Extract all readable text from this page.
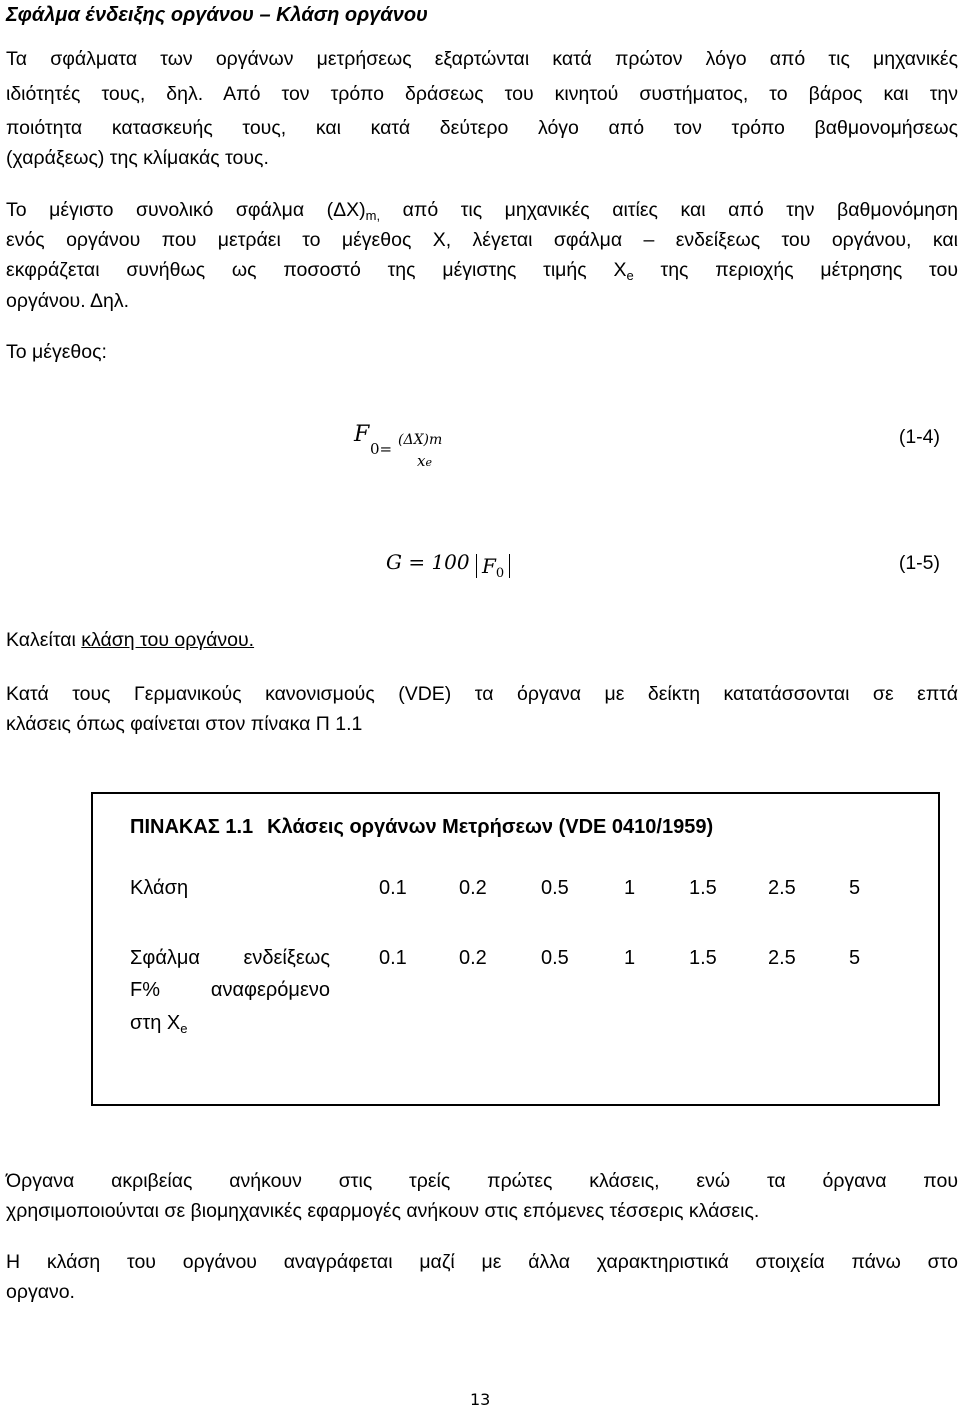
Σφάλμα ένδειξης οργάνου – Κλάση οργάνου
Τα σφάλματα των οργάνων μετρήσεως εξαρτώνται κατά πρώτον λόγο από τις μηχανικές
ιδιότητές τους, δηλ. Από τον τρόπο δράσεως του κινητού συστήματος, το βάρος και την
ποιότητα κατασκευής τους, και κατά δεύτερο λόγο από τον τρόπο βαθμονομήσεως
(χαράξεως) της κλίμακάς τους.
Το μέγιστο συνολικό σφάλμα $(\Delta X)_{m,}$ από τις μηχανικές αιτίες και από την βαθμονόμηση
ενός οργάνου που μετράει το μέγεθος Χ, λέγεται σφάλμα – ενδείξεως του οργάνου, και
εκφράζεται συνήθως ως ποσοστό της μέγιστης τιμής $X_e$ της περιοχής μέτρησης του
οργάνου. Δηλ.
Το μέγεθος:
F
0= (ΔX)m
xe
(1-4)
G = 100 $F_0$	(1-5)
Καλείται κλάση του οργάνου.
Κατά τους Γερμανικούς κανονισμούς (VDE) τα όργανα με δείκτη κατατάσσονται σε επτά
κλάσεις όπως φαίνεται στον πίνακα Π 1.1
ΠΙΝΑΚΑΣ 1.1 Κλάσεις οργάνων Μετρήσεων (VDE 0410/1959)
Κλάση	0.1	0.2	0.5	1	1.5	2.5	5
Σφάλμα ενδείξεως
F% αναφερόμενο
στη $X_e$
0.1	0.2	0.5	1	1.5	2.5	5
Όργανα ακριβείας ανήκουν στις τρείς πρώτες κλάσεις, ενώ τα όργανα που
χρησιμοποιούνται σε βιομηχανικές εφαρμογές ανήκουν στις επόμενες τέσσερις κλάσεις.
Η κλάση του οργάνου αναγράφεται μαζί με άλλα χαρακτηριστικά στοιχεία πάνω στο
οργανο.
13
